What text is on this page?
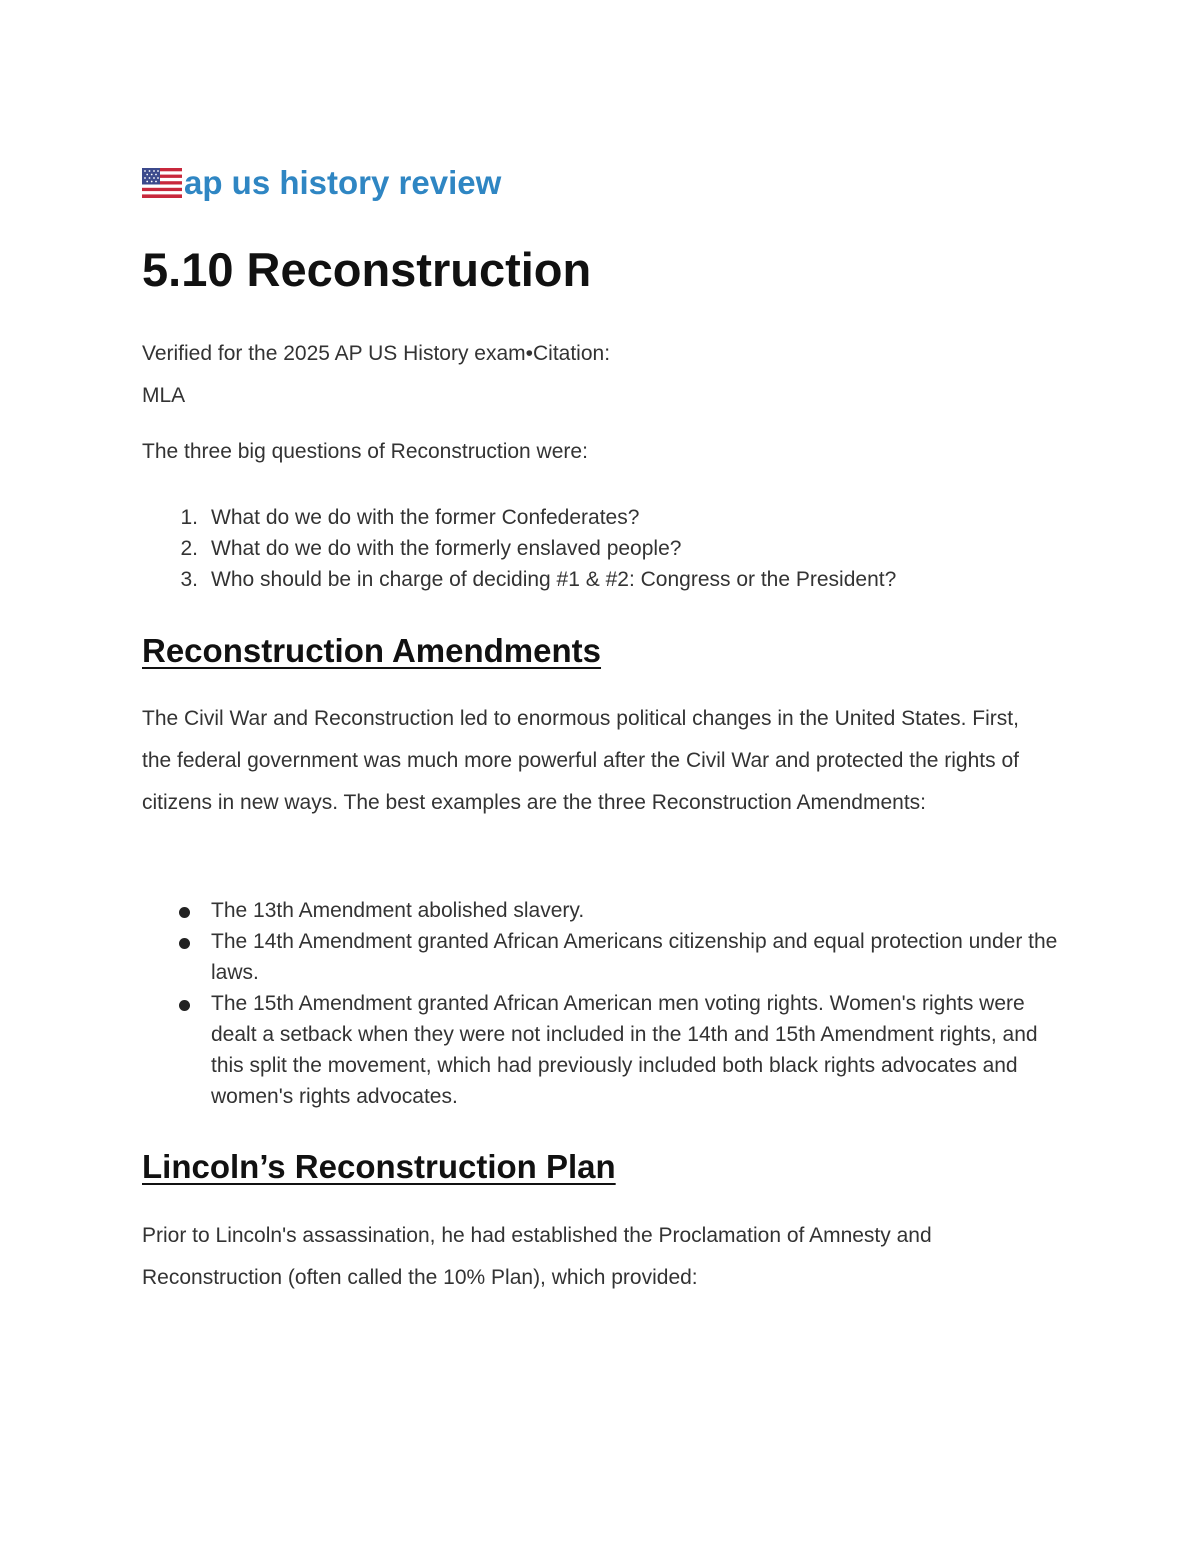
ap us history review
5.10 Reconstruction
Verified for the 2025 AP US History exam•Citation:
MLA

The three big questions of Reconstruction were:

1. What do we do with the former Confederates?
2. What do we do with the formerly enslaved people?
3. Who should be in charge of deciding #1 & #2: Congress or the President?
Reconstruction Amendments

The Civil War and Reconstruction led to enormous political changes in the United States. First, the federal government was much more powerful after the Civil War and protected the rights of citizens in new ways. The best examples are the three Reconstruction Amendments:

The 13th Amendment abolished slavery.
The 14th Amendment granted African Americans citizenship and equal protection under the laws.
The 15th Amendment granted African American men voting rights. Women's rights were dealt a setback when they were not included in the 14th and 15th Amendment rights, and this split the movement, which had previously included both black rights advocates and women's rights advocates.
Lincoln’s Reconstruction Plan

Prior to Lincoln's assassination, he had established the Proclamation of Amnesty and Reconstruction (often called the 10% Plan), which provided:
